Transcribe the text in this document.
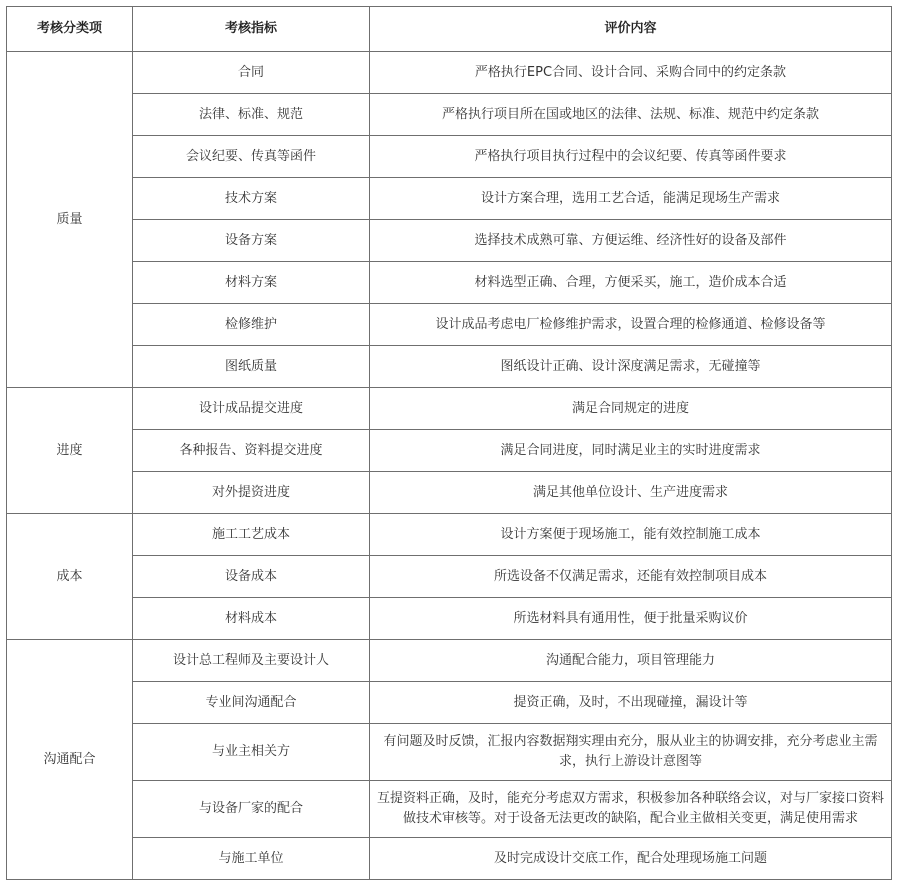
考核分类项	考核指标	评价内容
质量	合同	严格执行EPC合同、设计合同、采购合同中的约定条款
	法律、标准、规范	严格执行项目所在国或地区的法律、法规、标准、规范中约定条款
	会议纪要、传真等函件	严格执行项目执行过程中的会议纪要、传真等函件要求
	技术方案	设计方案合理，选用工艺合适，能满足现场生产需求
	设备方案	选择技术成熟可靠、方便运维、经济性好的设备及部件
	材料方案	材料选型正确、合理，方便采买，施工，造价成本合适
	检修维护	设计成品考虑电厂检修维护需求，设置合理的检修通道、检修设备等
	图纸质量	图纸设计正确、设计深度满足需求，无碰撞等
进度	设计成品提交进度	满足合同规定的进度
	各种报告、资料提交进度	满足合同进度，同时满足业主的实时进度需求
	对外提资进度	满足其他单位设计、生产进度需求
成本	施工工艺成本	设计方案便于现场施工，能有效控制施工成本
	设备成本	所选设备不仅满足需求，还能有效控制项目成本
	材料成本	所选材料具有通用性，便于批量采购议价
沟通配合	设计总工程师及主要设计人	沟通配合能力，项目管理能力
	专业间沟通配合	提资正确，及时，不出现碰撞，漏设计等
	与业主相关方	有问题及时反馈，汇报内容数据翔实理由充分，服从业主的协调安排，充分考虑业主需求，执行上游设计意图等
	与设备厂家的配合	互提资料正确，及时，能充分考虑双方需求，积极参加各种联络会议，对与厂家接口资料做技术审核等。对于设备无法更改的缺陷，配合业主做相关变更，满足使用需求
	与施工单位	及时完成设计交底工作，配合处理现场施工问题
